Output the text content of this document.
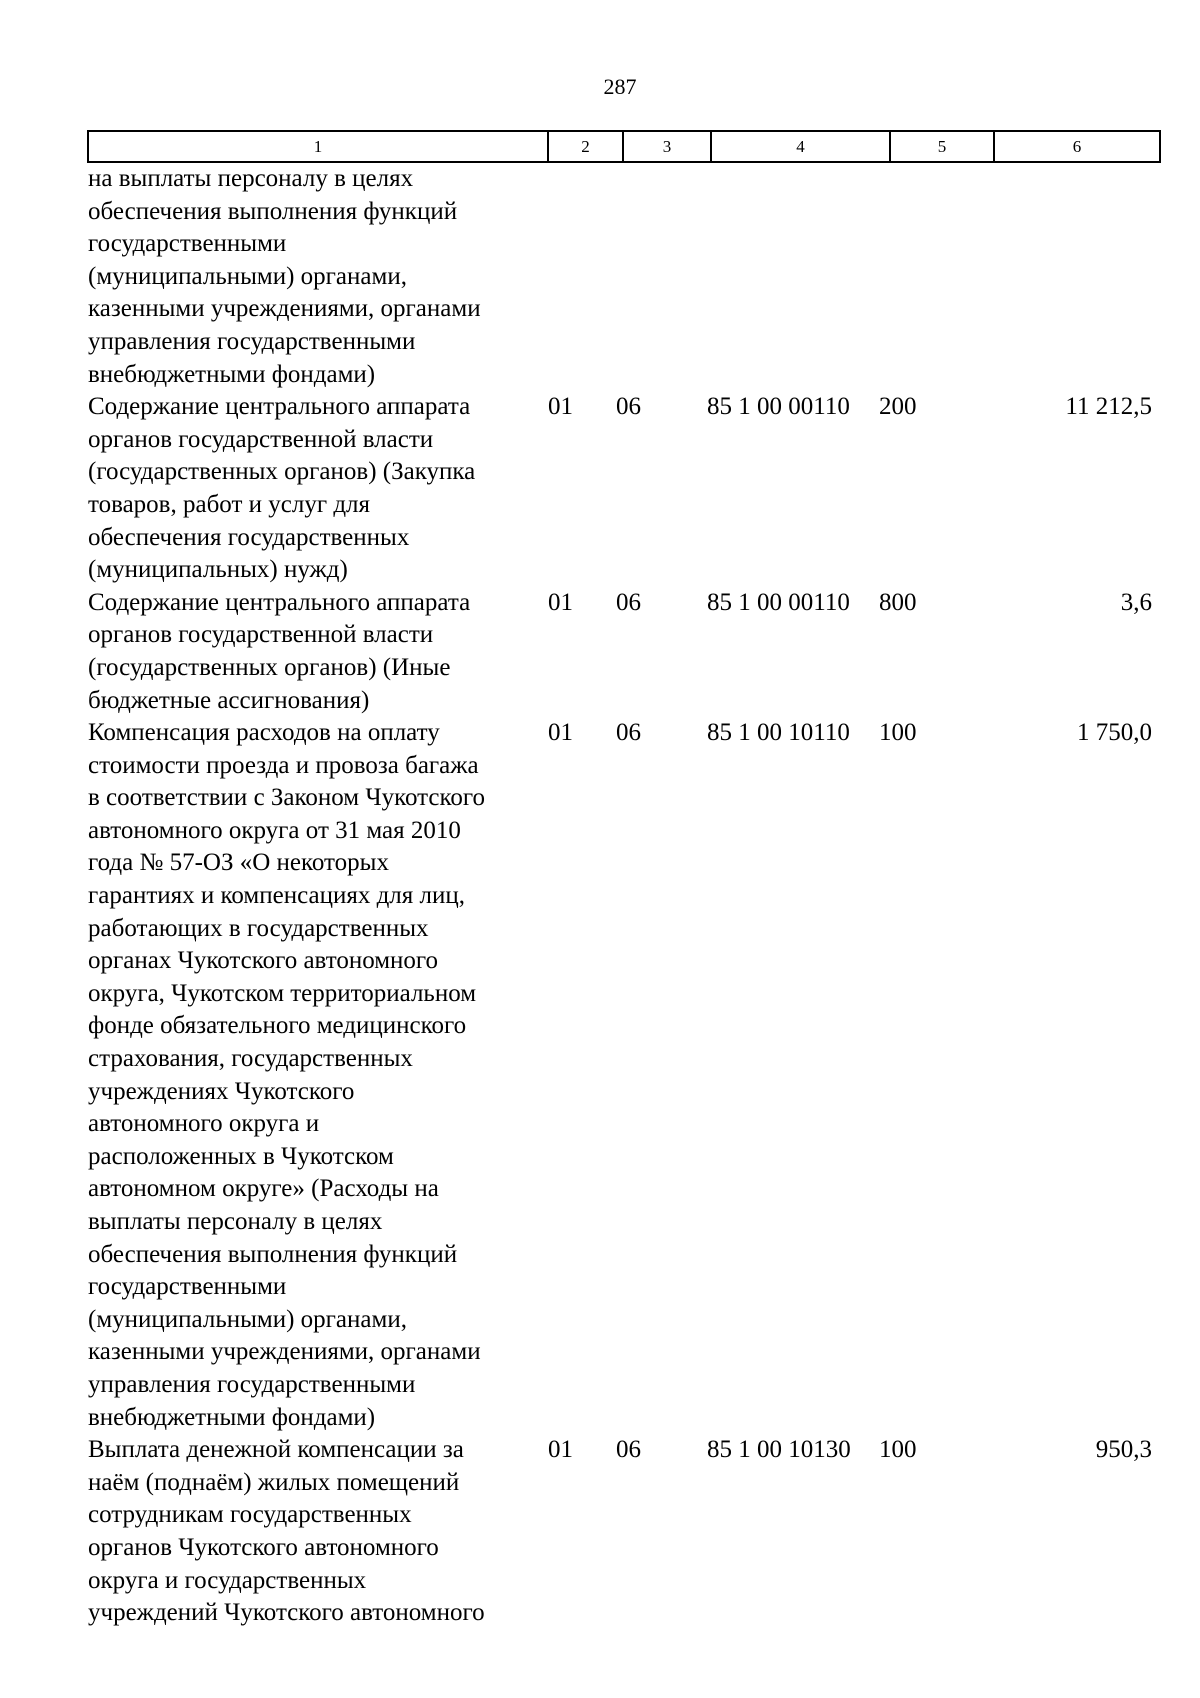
287
1	2	3	4	5	6
на выплаты персоналу в целях
обеспечения выполнения функций
государственными
(муниципальными) органами,
казенными учреждениями, органами
управления государственными
внебюджетными фондами)
Содержание центрального аппарата
органов государственной власти
(государственных органов) (Закупка
товаров, работ и услуг для
обеспечения государственных
(муниципальных) нужд)
01	06	85 1 00 00110	200	11 212,5
Содержание центрального аппарата
органов государственной власти
(государственных органов) (Иные
бюджетные ассигнования)
01	06	85 1 00 00110	800	3,6
Компенсация расходов на оплату
стоимости проезда и провоза багажа
в соответствии с Законом Чукотского
автономного округа от 31 мая 2010
года № 57-ОЗ «О некоторых
гарантиях и компенсациях для лиц,
работающих в государственных
органах Чукотского автономного
округа, Чукотском территориальном
фонде обязательного медицинского
страхования, государственных
учреждениях Чукотского
автономного округа и
расположенных в Чукотском
автономном округе» (Расходы на
выплаты персоналу в целях
обеспечения выполнения функций
государственными
(муниципальными) органами,
казенными учреждениями, органами
управления государственными
внебюджетными фондами)
01	06	85 1 00 10110	100	1 750,0
Выплата денежной компенсации за
наём (поднаём) жилых помещений
сотрудникам государственных
органов Чукотского автономного
округа и государственных
учреждений Чукотского автономного
01	06	85 1 00 10130	100	950,3
